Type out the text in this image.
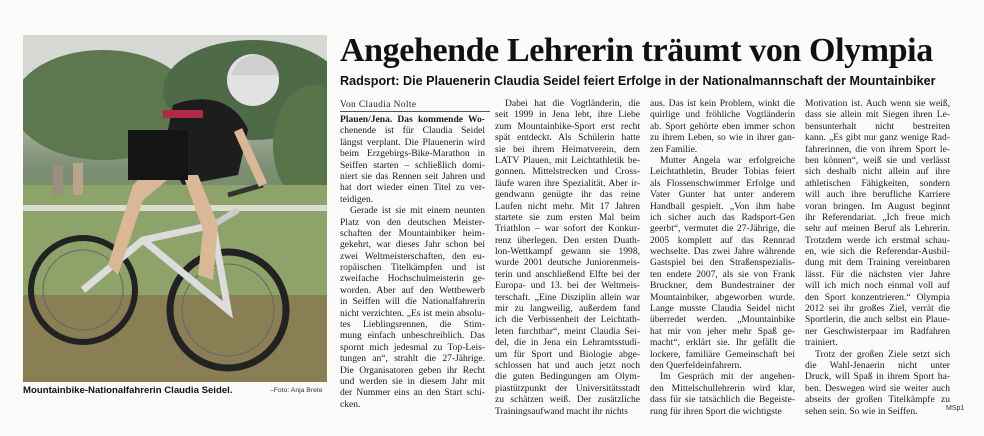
Mountainbike-Nationalfahrerin Claudia Seidel.	–Foto: Anja Brete
Angehende Lehrerin träumt von Olympia
Radsport: Die Plauenerin Claudia Seidel feiert Erfolge in der Nationalmannschaft der Mountainbiker
Von Claudia Nolte
Plauen/Jena. Das kommende Wo-
chenende ist für Claudia Seidel
längst verplant. Die Plauenerin wird
beim Erzgebirgs-Bike-Marathon in
Seiffen starten – schließlich domi-
niert sie das Rennen seit Jahren und
hat dort wieder einen Titel zu ver-
teidigen.
Gerade ist sie mit einem neunten
Platz von den deutschen Meister-
schaften der Mountainbiker heim-
gekehrt, war dieses Jahr schon bei
zwei Weltmeisterschaften, den eu-
ropäischen Titelkämpfen und ist
zweifache Hochschulmeisterin ge-
worden. Aber auf den Wettbewerb
in Seiffen will die Nationalfahrerin
nicht verzichten. „Es ist mein absolu-
tes Lieblingsrennen, die Stim-
mung einfach unbeschreiblich. Das
spornt mich jedesmal zu Top-Leis-
tungen an“, strahlt die 27-Jährige.
Die Organisatoren geben ihr Recht
und werden sie in diesem Jahr mit
der Nummer eins an den Start schi-
cken.
Dabei hat die Vogtländerin, die
seit 1999 in Jena lebt, ihre Liebe
zum Mountainbike-Sport erst recht
spät entdeckt. Als Schülerin hatte
sie bei ihrem Heimatverein, dem
LATV Plauen, mit Leichtathletik be-
gonnen. Mittelstrecken und Cross-
läufe waren ihre Spezialität. Aber ir-
gendwann genügte ihr das reine
Laufen nicht mehr. Mit 17 Jahren
startete sie zum ersten Mal beim
Triathlon – war sofort der Konkur-
renz überlegen. Den ersten Duath-
lon-Wettkampf gewann sie 1998,
wurde 2001 deutsche Juniorenmeis-
terin und anschließend Elfte bei der
Europa- und 13. bei der Weltmeis-
terschaft. „Eine Disziplin allein war
mir zu langweilig, außerdem fand
ich die Verbissenheit der Leichtath-
leten furchtbar“, meint Claudia Sei-
del, die in Jena ein Lehramtsstudi-
um für Sport und Biologie abge-
schlossen hat und auch jetzt noch
die guten Bedingungen am Olym-
piastützpunkt der Universitätsstadt
zu schätzen weiß. Der zusätzliche
Trainingsaufwand macht ihr nichts
aus. Das ist kein Problem, winkt die
quirlige und fröhliche Vogtländerin
ab. Sport gehörte eben immer schon
zu ihrem Leben, so wie in ihrer gan-
zen Familie.
Mutter Angela war erfolgreiche
Leichtathletin, Bruder Tobias feiert
als Flossenschwimmer Erfolge und
Vater Gunter hat unter anderem
Handball gespielt. „Von ihm habe
ich sicher auch das Radsport-Gen
geerbt“, vermutet die 27-Jährige, die
2005 komplett auf das Rennrad
wechselte. Das zwei Jahre währende
Gastspiel bei den Straßenspezialis-
ten endete 2007, als sie von Frank
Bruckner, dem Bundestrainer der
Mountainbiker, abgeworben wurde.
Lange musste Claudia Seidel nicht
überredet werden. „Mountainbike
hat mir von jeher mehr Spaß ge-
macht“, erklärt sie. Ihr gefällt die
lockere, familiäre Gemeinschaft bei
den Querfeldeinfahrern.
Im Gespräch mit der angehen-
den Mittelschullehrerin wird klar,
dass für sie tatsächlich die Begeiste-
rung für ihren Sport die wichtigste
Motivation ist. Auch wenn sie weiß,
dass sie allein mit Siegen ihren Le-
bensunterhalt nicht bestreiten
kann. „Es gibt nur ganz wenige Rad-
fahrerinnen, die von ihrem Sport le-
ben können“, weiß sie und verlässt
sich deshalb nicht allein auf ihre
athletischen Fähigkeiten, sondern
will auch ihre berufliche Karriere
voran bringen. Im August beginnt
ihr Referendariat. „Ich freue mich
sehr auf meinen Beruf als Lehrerin.
Trotzdem werde ich erstmal schau-
en, wie sich die Referendar-Ausbil-
dung mit dem Training vereinbaren
lässt. Für die nächsten vier Jahre
will ich mich noch einmal voll auf
den Sport konzentrieren.“ Olympia
2012 sei ihr großes Ziel, verrät die
Sportlerin, die auch selbst ein Plaue-
ner Geschwisterpaar im Radfahren
trainiert.
Trotz der großen Ziele setzt sich
die Wahl-Jenaerin nicht unter
Druck, will Spaß in ihrem Sport ha-
ben. Deswegen wird sie weiter auch
abseits der großen Titelkämpfe zu
sehen sein. So wie in Seiffen.	MSp1
